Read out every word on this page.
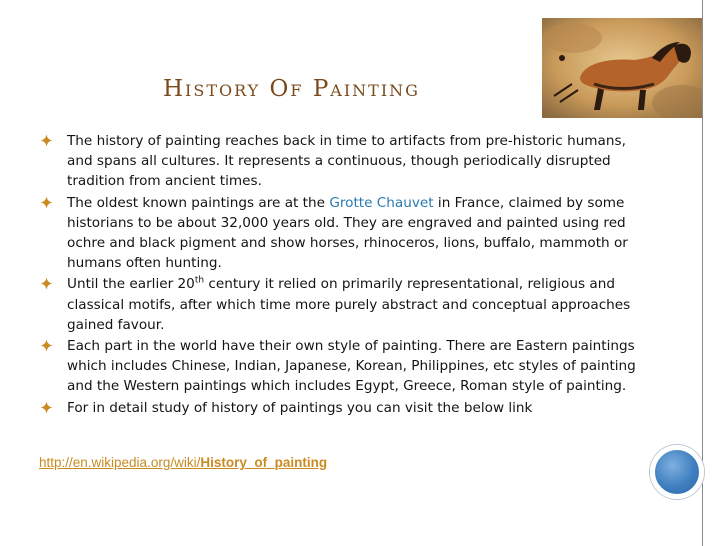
History Of Painting
The history of painting reaches back in time to artifacts from pre-historic humans, and spans all cultures. It represents a continuous, though periodically disrupted tradition from ancient times.
The oldest known paintings are at the Grotte Chauvet in France, claimed by some historians to be about 32,000 years old. They are engraved and painted using red ochre and black pigment and show horses, rhinoceros, lions, buffalo, mammoth or humans often hunting.
Until the earlier 20th century it relied on primarily representational, religious and classical motifs, after which time more purely abstract and conceptual approaches gained favour.
Each part in the world have their own style of painting. There are Eastern paintings which includes Chinese, Indian, Japanese, Korean, Philippines, etc styles of painting and the Western paintings which includes Egypt, Greece, Roman style of painting.
For in detail study of history of paintings you can visit the below link
http://en.wikipedia.org/wiki/History_of_painting
